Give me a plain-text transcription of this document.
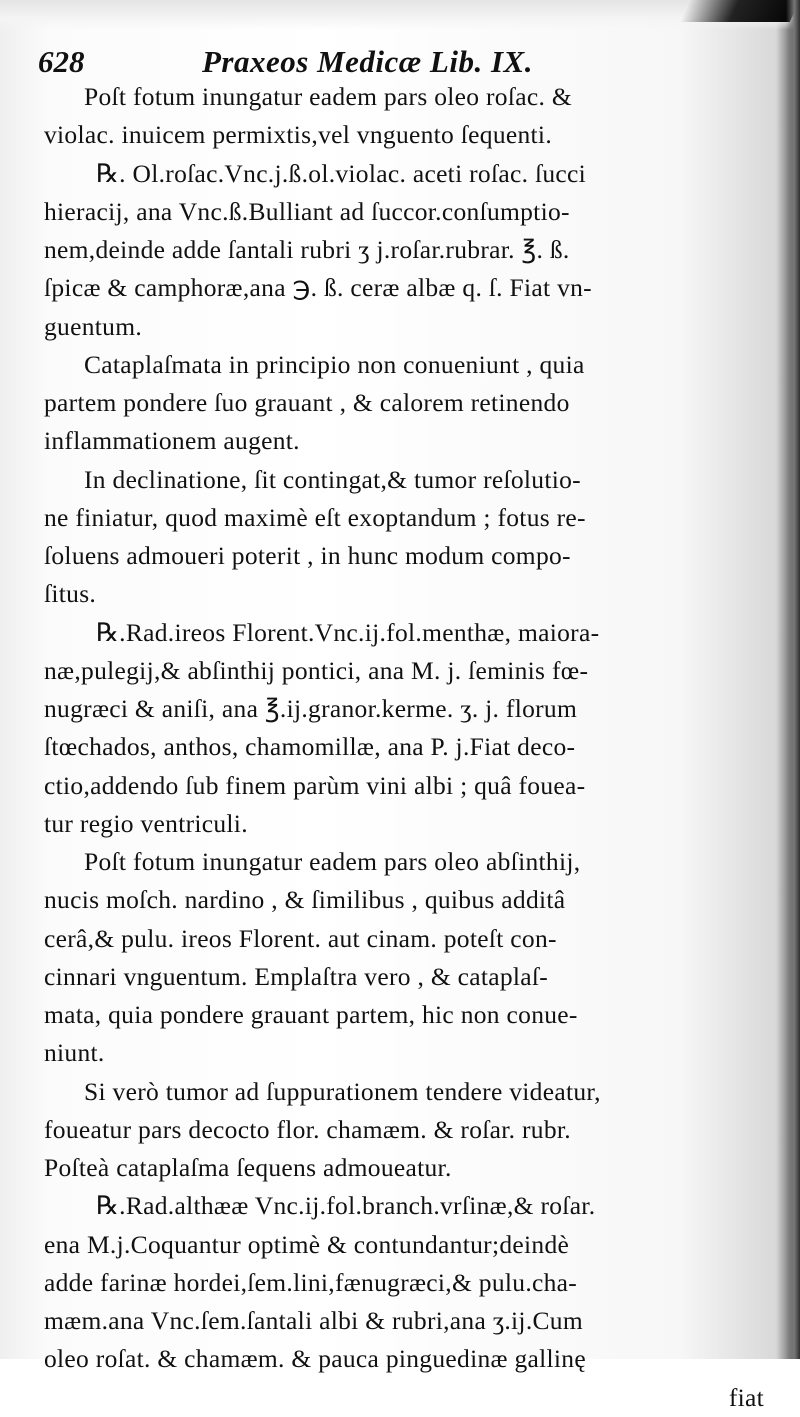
628	Praxeos Medicæ Lib. IX.
Poſt fotum inungatur eadem pars oleo roſac. &
violac. inuicem permixtis,vel vnguento ſequenti.
℞. Ol.roſac.Vnc.j.ß.ol.violac. aceti roſac. ſucci
hieracij, ana Vnc.ß.Bulliant ad ſuccor.conſumptio-
nem,deinde adde ſantali rubri ʒ j.roſar.rubrar. ℥. ß.
ſpicæ & camphoræ,ana ℈. ß. ceræ albæ q. ſ. Fiat vn-
guentum.
Cataplaſmata in principio non conueniunt , quia
partem pondere ſuo grauant , & calorem retinendo
inflammationem augent.
In declinatione, ſit contingat,& tumor reſolutio-
ne finiatur, quod maximè eſt exoptandum ; fotus re-
ſoluens admoueri poterit , in hunc modum compo-
ſitus.
℞.Rad.ireos Florent.Vnc.ij.fol.menthæ, maiora-
næ,pulegij,& abſinthij pontici, ana M. j. ſeminis fœ-
nugræci & aniſi, ana ℥.ij.granor.kerme. ʒ. j. florum
ſtœchados, anthos, chamomillæ, ana P. j.Fiat deco-
ctio,addendo ſub finem parùm vini albi ; quâ fouea-
tur regio ventriculi.
Poſt fotum inungatur eadem pars oleo abſinthij,
nucis moſch. nardino , & ſimilibus , quibus additâ
cerâ,& pulu. ireos Florent. aut cinam. poteſt con-
cinnari vnguentum. Emplaſtra vero , & cataplaſ-
mata, quia pondere grauant partem, hic non conue-
niunt.
Si verò tumor ad ſuppurationem tendere videatur,
foueatur pars decocto flor. chamæm. & roſar. rubr.
Poſteà cataplaſma ſequens admoueatur.
℞.Rad.althææ Vnc.ij.fol.branch.vrſinæ,& roſar.
ena M.j.Coquantur optimè & contundantur;deindè
adde farinæ hordei,ſem.lini,fænugræci,& pulu.cha-
mæm.ana Vnc.ſem.ſantali albi & rubri,ana ʒ.ij.Cum
oleo roſat. & chamæm. & pauca pinguedinæ gallinę
fiat
